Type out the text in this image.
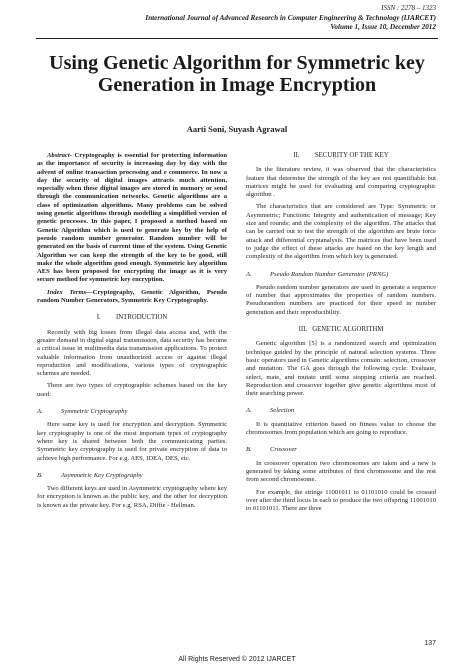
ISSN : 2278 – 1323
International Journal of Advanced Research in Computer Engineering & Technology (IJARCET)
Volume 1, Issue 10, December 2012
Using Genetic Algorithm for Symmetric key Generation in Image Encryption
Aarti Soni, Suyash Agrawal

Abstract- Cryptography is essential for protecting information as the importance of security is increasing day by day with the advent of online transaction processing and e commerce. In now a day the security of digital images attracts much attention, especially when these digital images are stored in memory or send through the communication networks. Genetic algorithms are a class of optimization algorithms. Many problems can be solved using genetic algorithms through modelling a simplified version of genetic processes. In this paper, I proposed a method based on Genetic Algorithm which is used to generate key by the help of pseudo random number generator. Random number will be generated on the basis of current time of the system. Using Genetic Algorithm we can keep the strength of the key to be good, still make the whole algorithm good enough. Symmetric key algorithm AES has been proposed for encrypting the image as it is very secure method for symmetric key encryption.

Index Terms—Cryptography, Genetic Algorithm, Pseudo random Number Generators, Symmetric Key Cryptography.

I.         INTRODUCTION

Recently with big losses from illegal data access and, with the greater demand in digital signal transmission, data security has become a critical issue in multimedia data transmission applications. To protect valuable information from unauthorized access or against illegal reproduction and modifications, various types of cryptographic schemes are needed.

There are two types of cryptographic schemes based on the key used:

A.	Symmetric Cryptography

Here same key is used for encryption and decryption. Symmetric key cryptography is one of the most important types of cryptography where key is shared between both the communicating parties. Symmetric key cryptography is used for private encryption of data to achieve high performance. For e.g. AES, IDEA, DES, etc.

B.	Asymmetric Key Cryptography

Two different keys are used in Asymmetric cryptography where key for encryption is known as the public key, and the other for decryption is known as the private key. For e.g. RSA, Diffie - Hellman.

II.         SECURITY OF THE KEY

In the literature review, it was observed that the characteristics feature that determine the strength of the key are not quantifiable but matrices might be used for evaluating and comparing cryptographic algorithm .

The characteristics that are considered are Type: Symmetric or Asymmetric; Functions: Integrity and authentication of message; Key size and rounds; and the complexity of the algorithm. The attacks that can be carried out to test the strength of the algorithm are brute force attack and differential cryptanalysis. The matrices that have been used to judge the effect of these attacks are based on the key length and complexity of the algorithm from which key is generated.

A.	Pseudo Random Number Generator (PRNG)

Pseudo random number generators are used to generate a sequence of number that approximates the properties of random numbers. Pseudorandom numbers are practiced for their speed in number generation and their reproducibility.

III.   GENETIC ALGORITHM

Genetic algorithm [5] is a randomized search and optimization technique guided by the principle of natural selection systems. Three basic operators used in Genetic algorithms contain: selection, crossover and mutation. The GA goes through the following cycle: Evaluate, select, mate, and mutate until some stopping criteria are reached. Reproduction and crossover together give genetic algorithms most of their searching power.

A.	Selection

It is quantitative criterion based on fitness value to choose the chromosomes from population which are going to reproduce.

B.	Crossover

In crossover operation two chromosomes are taken and a new is generated by taking some attributes of first chromosome and the rest from second chromosome.

For example, the strings 11001011 to 01101010 could be crossed over after the third locus in each to produce the two offspring 11001010 to 01101011. There are three

137
All Rights Reserved © 2012 IJARCET
